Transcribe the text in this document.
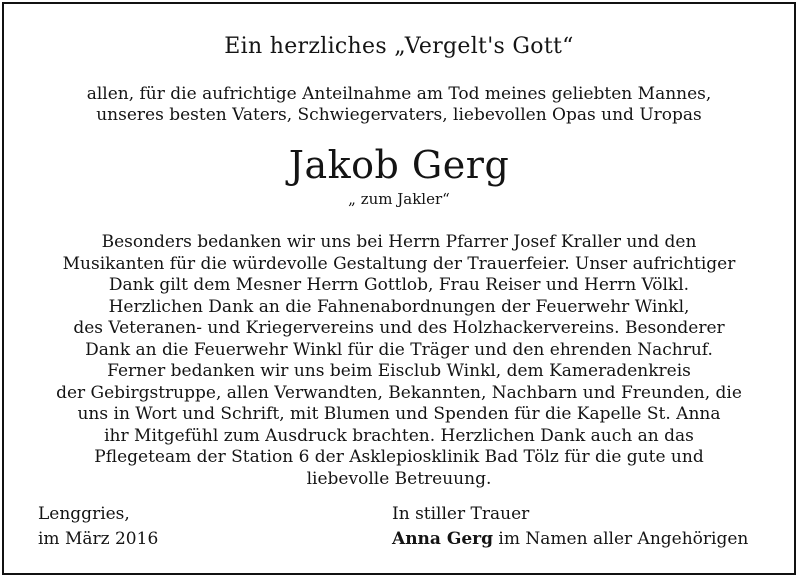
Ein herzliches „Vergelt's Gott“
allen, für die aufrichtige Anteilnahme am Tod meines geliebten Mannes,
unseres besten Vaters, Schwiegervaters, liebevollen Opas und Uropas
Jakob Gerg
„ zum Jakler“
Besonders bedanken wir uns bei Herrn Pfarrer Josef Kraller und den
Musikanten für die würdevolle Gestaltung der Trauerfeier. Unser aufrichtiger
Dank gilt dem Mesner Herrn Gottlob, Frau Reiser und Herrn Völkl.
Herzlichen Dank an die Fahnenabordnungen der Feuerwehr Winkl,
des Veteranen- und Kriegervereins und des Holzhackervereins. Besonderer
Dank an die Feuerwehr Winkl für die Träger und den ehrenden Nachruf.
Ferner bedanken wir uns beim Eisclub Winkl, dem Kameradenkreis
der Gebirgstruppe, allen Verwandten, Bekannten, Nachbarn und Freunden, die
uns in Wort und Schrift, mit Blumen und Spenden für die Kapelle St. Anna
ihr Mitgefühl zum Ausdruck brachten. Herzlichen Dank auch an das
Pflegeteam der Station 6 der Asklepiosklinik Bad Tölz für die gute und
liebevolle Betreuung.
Lenggries,
im März 2016
In stiller Trauer
Anna Gerg im Namen aller Angehörigen
